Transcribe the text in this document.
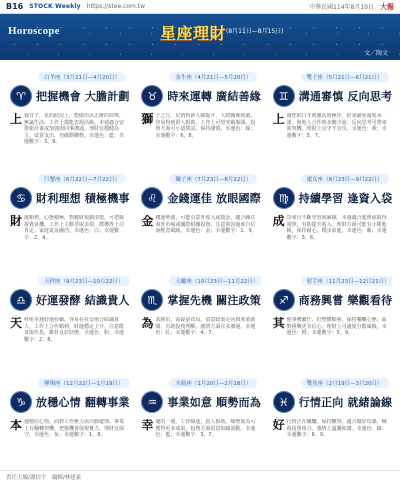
B16 STOCK Weekly https://stee.com.tw	中華民國114年8月10日 大報
Horoscope	星座理財 (8月11日—8月15日)
文／陶文
白羊座（3月21日—4月20日）
♈ 把握機會 大膽計劃
上 週日子，星的狀況上，能做出以正確的抉擇，無論生活，工作上都能表現活絡。本週適合安排新計畫或加強與同事溝通。理財宜穩健為主，留意支出，勿衝動購物。幸運色：藍；幸運數字：3、9。
金牛座（4月21日—5月20日）
♉ 時來運轉 廣結善緣
獅 子之月，星情對新人緣提升，人際關係和諧。容易得到貴人相助，工作上可望突破瓶頸。投資方面可小量嘗試，保持謹慎。幸運色：綠；幸運數字：6、8。
雙子座（5月21日—6月21日）
♊ 溝通審慎 反向思考
上 週您的口才與靈活度極佳，但須避免過度承諾。與他人合作時多聽少說，反向思考可帶來新契機。理財上宜守不宜攻。幸運色：黃；幸運數字：5、7。
巨蟹座（6月22日—7月22日）
♋ 財利理想 積極機事
財 運順勢，心態積極，對錢財規劃清楚，可把握投資良機。工作上主動爭取表現，將獲得上司肯定。家庭氣氛融洽。幸運色：白；幸運數字：2、4。
獅子座（7月23日—8月22日）
♌ 金錢運佳 放眼國際
金 錢運勢強，可能有意外收入或獎金。適合關注海外市場或國際相關投資。注意別因過度自信而輕忽風險。幸運色：金；幸運數字：1、9。
處女座（8月23日—9月22日）
♍ 持續學習 逢資入袋
成 功來自不斷學習與累積。本週適合進修或取得證照，有助提升收入。理財方面可能有小額進帳。保持耐心，穩步前進。幸運色：紫；幸運數字：3、6。
天秤座（9月23日—10月22日）
♎ 好運發酵 結識貴人
天 秤座本週好運持續，容易在社交場合結識貴人。工作上合作順利，財運穩定上升。注意飲食與作息，維持良好狀態。幸運色：粉；幸運數字：2、8。
天蠍座（10月23日—11月22日）
♏ 掌握先機 關注政策
為 求勝出，需提前布局。留意政策走向與產業新聞，有助投資判斷。感情方面宜多溝通。幸運色：紅；幸運數字：4、7。
射手座（11月23日—12月21日）
♐ 商務興嘗 樂觀看待
其 他事務繁忙，但整體順利。保持樂觀心態，面對挑戰更有信心。理財上可適度分散風險。幸運色：橙；幸運數字：5、9。
摩羯座（12月22日—1月19日）
♑ 放穩心情 翻轉事業
本 週穩住心情，面對工作壓力需冷靜處理。事業上有翻轉契機，把握機會展現實力。理財宜保守。幸運色：灰；幸運數字：1、8。
水瓶座（1月20日—2月18日）
♒ 事業如意 順勢而為
幸 運的一週，工作順遂，貴人相助。順勢而為可獲得更多成果。投資方面留意短線波動。幸運色：藍；幸運數字：3、7。
雙魚座（2月19日—3月20日）
♓ 行情正向 就緒論線
好 行情正在醞釀，保持觀察。適合做好功課、檢視投資組合。感情上溫馨和諧。幸運色：綠；幸運數字：6、9。
責任主編/謝信宇　編輯/林建豪
